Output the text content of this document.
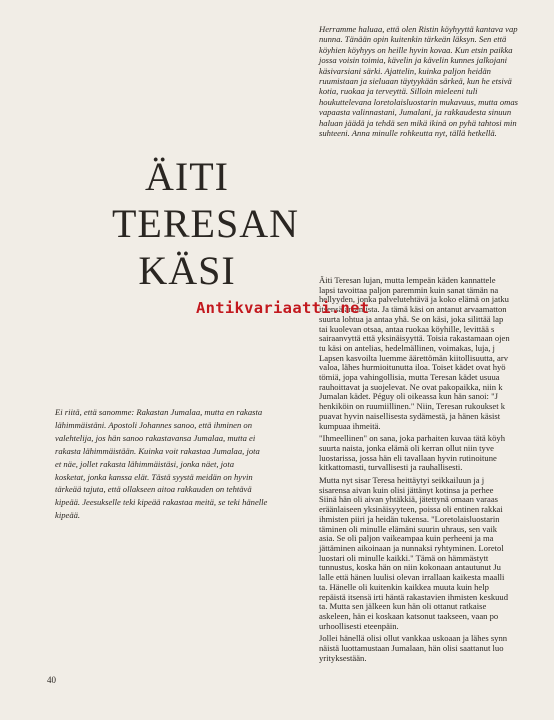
Herramme haluaa, että olen Ristin köyhyyttä kantava vap
nunna. Tänään opin kuitenkin tärkeän läksyn. Sen että
köyhien köyhyys on heille hyvin kovaa. Kun etsin paikka
jossa voisin toimia, kävelin ja kävelin kunnes jalkojani
käsivarsiani särki. Ajattelin, kuinka paljon heidän
ruumistaan ja sieluaan täytyykään särkeä, kun he etsivä
kotia, ruokaa ja terveyttä. Silloin mieleeni tuli
houkuttelevana loretolaisluostarin mukavuus, mutta omas
vapaasta valinnastani, Jumalani, ja rakkaudesta sinuun
haluan jäädä ja tehdä sen mikä ikinä on pyhä tahtosi min
suhteeni. Anna minulle rohkeutta nyt, tällä hetkellä.
ÄITI
TERESAN
KÄSI
Ei riitä, että sanomme: Rakastan Jumalaa, mutta en rakasta
lähimmäistäni. Apostoli Johannes sanoo, että ihminen on
valehtelija, jos hän sanoo rakastavansa Jumalaa, mutta ei
rakasta lähimmäistään. Kuinka voit rakastaa Jumalaa, jota
et näe, jollet rakasta lähimmäistäsi, jonka näet, jota
kosketat, jonka kanssa elät. Tästä syystä meidän on hyvin
tärkeää tajuta, että ollakseen aitoa rakkauden on tehtävä
kipeää. Jeesukselle teki kipeää rakastaa meitä, se teki hänelle
kipeää.
Äiti Teresan lujan, mutta lempeän käden kannattele
lapsi tavoittaa paljon paremmin kuin sanat tämän na
hellyyden, jonka palvelutehtävä ja koko elämä on jatku
itsensä antamista. Ja tämä käsi on antanut arvaamatton
suurta lohtua ja antaa yhä. Se on käsi, joka silittää lap
tai kuolevan otsaa, antaa ruokaa köyhille, levittää s
sairaanvyttä että yksinäisyyttä. Toisia rakastamaan ojen
tu käsi on antelias, hedelmällinen, voimakas, luja, j
Lapsen kasvoilta luemme äärettömän kiitollisuutta, arv
valoa, lähes hurmioitunutta iloa. Toiset kädet ovat hyö
tömiä, jopa vahingollisia, mutta Teresan kädet usuua
rauhoittavat ja suojelevat. Ne ovat pakopaikka, niin k
Jumalan kädet. Péguy oli oikeassa kun hän sanoi: "J
henkiköin on ruumiillinen." Niin, Teresan rukoukset k
puavat hyvin naisellisesta sydämestä, ja hänen käsist
kumpuaa ihmeitä.
"Ihmeellinen" on sana, joka parhaiten kuvaa tätä köyh
suurta naista, jonka elämä oli kerran ollut niin tyve
luostarissa, jossa hän eli tavallaan hyvin rutinoitune
kitkattomasti, turvallisesti ja rauhallisesti.
Mutta nyt sisar Teresa heittäytyi seikkailuun ja j
sisarensa aivan kuin olisi jättänyt kotinsa ja perhee
Siinä hän oli aivan yhtäkkiä, jätettynä omaan varaas
eräänlaiseen yksinäisyyteen, poissa oli entinen rakkai
ihmisten piiri ja heidän tukensa. "Loretolaisluostarin
täminen oli minulle elämäni suurin uhraus, sen vaik
asia. Se oli paljon vaikeampaa kuin perheeni ja ma
jättäminen aikoinaan ja nunnaksi ryhtyminen. Loretol
luostari oli minulle kaikki." Tämä on hämmästytt
tunnustus, koska hän on niin kokonaan antautunut Ju
lalle että hänen luulisi olevan irrallaan kaikesta maalli
ta. Hänelle oli kuitenkin kaikkea muuta kuin help
repäistä itsensä irti häntä rakastavien ihmisten keskuud
ta. Mutta sen jälkeen kun hän oli ottanut ratkaise
askeleen, hän ei koskaan katsonut taakseen, vaan po
urhoollisesti eteenpäin.
Jollei hänellä olisi ollut vankkaa uskoaan ja lähes synn
näistä luottamustaan Jumalaan, hän olisi saattanut luo
yrityksestään.
40
Antikvariaatti.net
